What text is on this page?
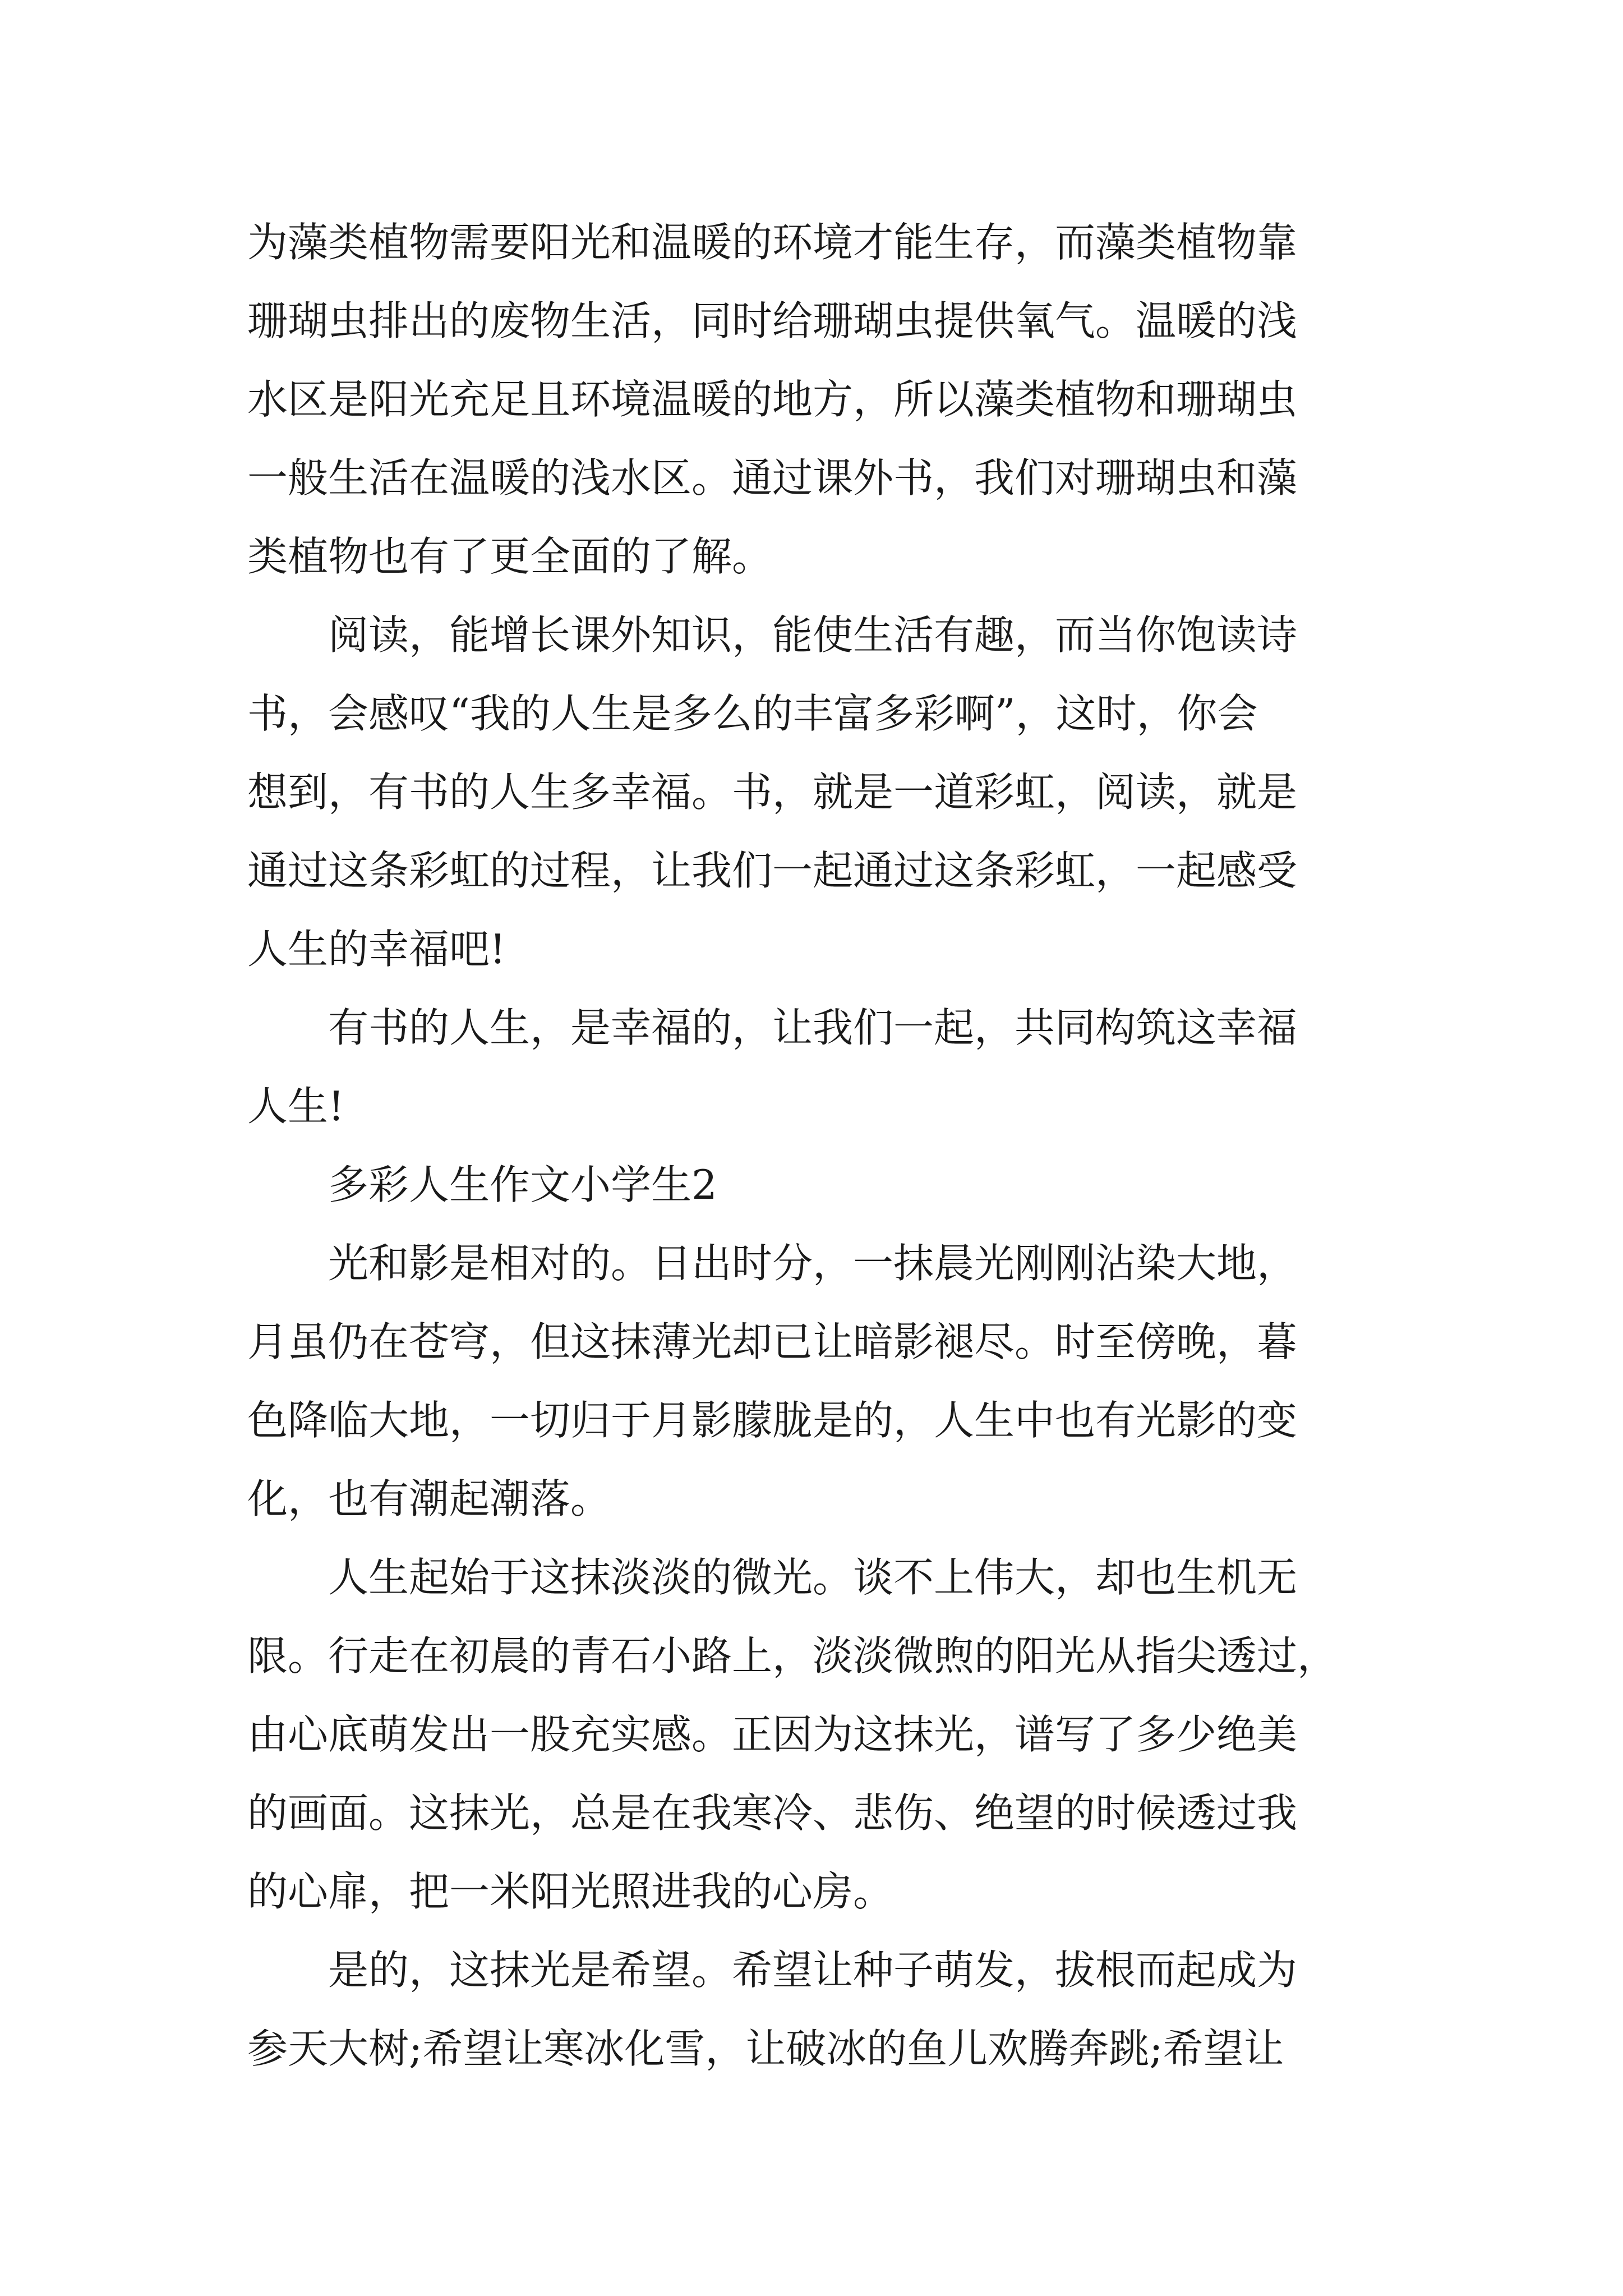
为藻类植物需要阳光和温暖的环境才能生存，而藻类植物靠
珊瑚虫排出的废物生活，同时给珊瑚虫提供氧气。温暖的浅
水区是阳光充足且环境温暖的地方，所以藻类植物和珊瑚虫
一般生活在温暖的浅水区。通过课外书，我们对珊瑚虫和藻
类植物也有了更全面的了解。
　　阅读，能增长课外知识，能使生活有趣，而当你饱读诗
书，会感叹“我的人生是多么的丰富多彩啊”，这时，你会
想到，有书的人生多幸福。书，就是一道彩虹，阅读，就是
通过这条彩虹的过程，让我们一起通过这条彩虹，一起感受
人生的幸福吧!
　　有书的人生，是幸福的，让我们一起，共同构筑这幸福
人生!
　　多彩人生作文小学生2
　　光和影是相对的。日出时分，一抹晨光刚刚沾染大地，
月虽仍在苍穹，但这抹薄光却已让暗影褪尽。时至傍晚，暮
色降临大地，一切归于月影朦胧是的，人生中也有光影的变
化，也有潮起潮落。
　　人生起始于这抹淡淡的微光。谈不上伟大，却也生机无
限。行走在初晨的青石小路上，淡淡微煦的阳光从指尖透过，
由心底萌发出一股充实感。正因为这抹光，谱写了多少绝美
的画面。这抹光，总是在我寒冷、悲伤、绝望的时候透过我
的心扉，把一米阳光照进我的心房。
　　是的，这抹光是希望。希望让种子萌发，拔根而起成为
参天大树;希望让寒冰化雪，让破冰的鱼儿欢腾奔跳;希望让
